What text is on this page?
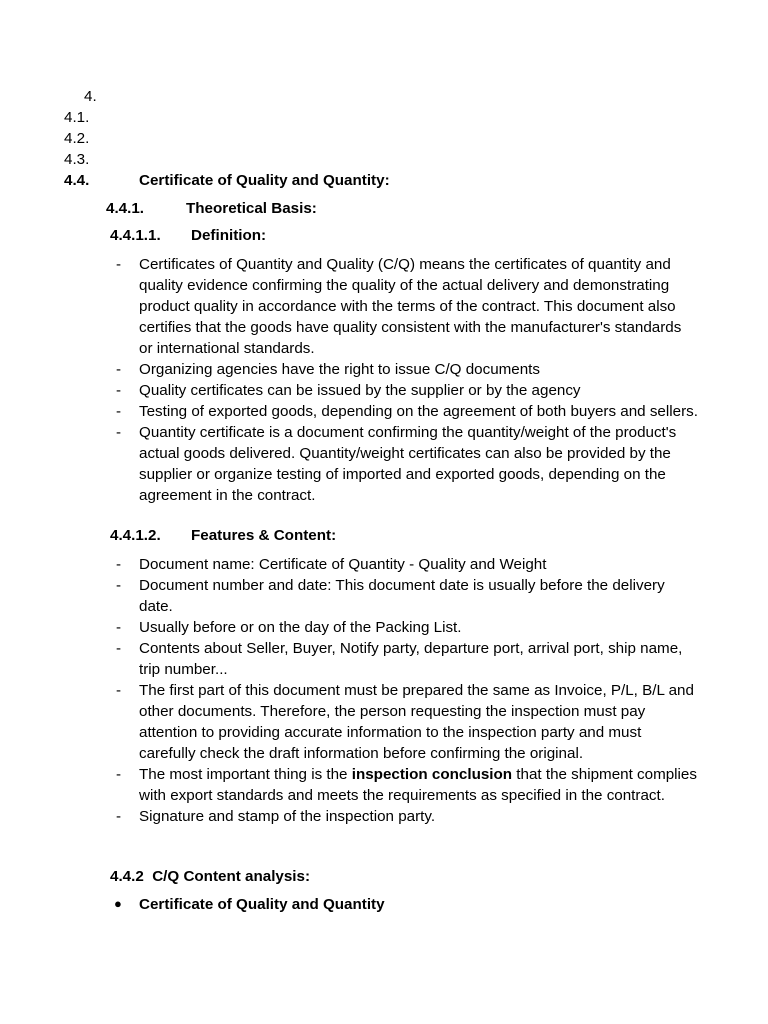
4.
4.1.
4.2.
4.3.
4.4.	Certificate of Quality and Quantity:
4.4.1.	Theoretical Basis:
4.4.1.1. Definition:
- Certificates of Quantity and Quality (C/Q) means the certificates of quantity and quality evidence confirming the quality of the actual delivery and demonstrating product quality in accordance with the terms of the contract. This document also certifies that the goods have quality consistent with the manufacturer's standards or international standards.
- Organizing agencies have the right to issue C/Q documents
- Quality certificates can be issued by the supplier or by the agency
- Testing of exported goods, depending on the agreement of both buyers and sellers.
- Quantity certificate is a document confirming the quantity/weight of the product's actual goods delivered. Quantity/weight certificates can also be provided by the supplier or organize testing of imported and exported goods, depending on the agreement in the contract.
4.4.1.2. Features & Content:
- Document name: Certificate of Quantity - Quality and Weight
- Document number and date: This document date is usually before the delivery date.
- Usually before or on the day of the Packing List.
- Contents about Seller, Buyer, Notify party, departure port, arrival port, ship name, trip number...
- The first part of this document must be prepared the same as Invoice, P/L, B/L and other documents. Therefore, the person requesting the inspection must pay attention to providing accurate information to the inspection party and must carefully check the draft information before confirming the original.
- The most important thing is the inspection conclusion that the shipment complies with export standards and meets the requirements as specified in the contract.
- Signature and stamp of the inspection party.
4.4.2  C/Q Content analysis:
● Certificate of Quality and Quantity
